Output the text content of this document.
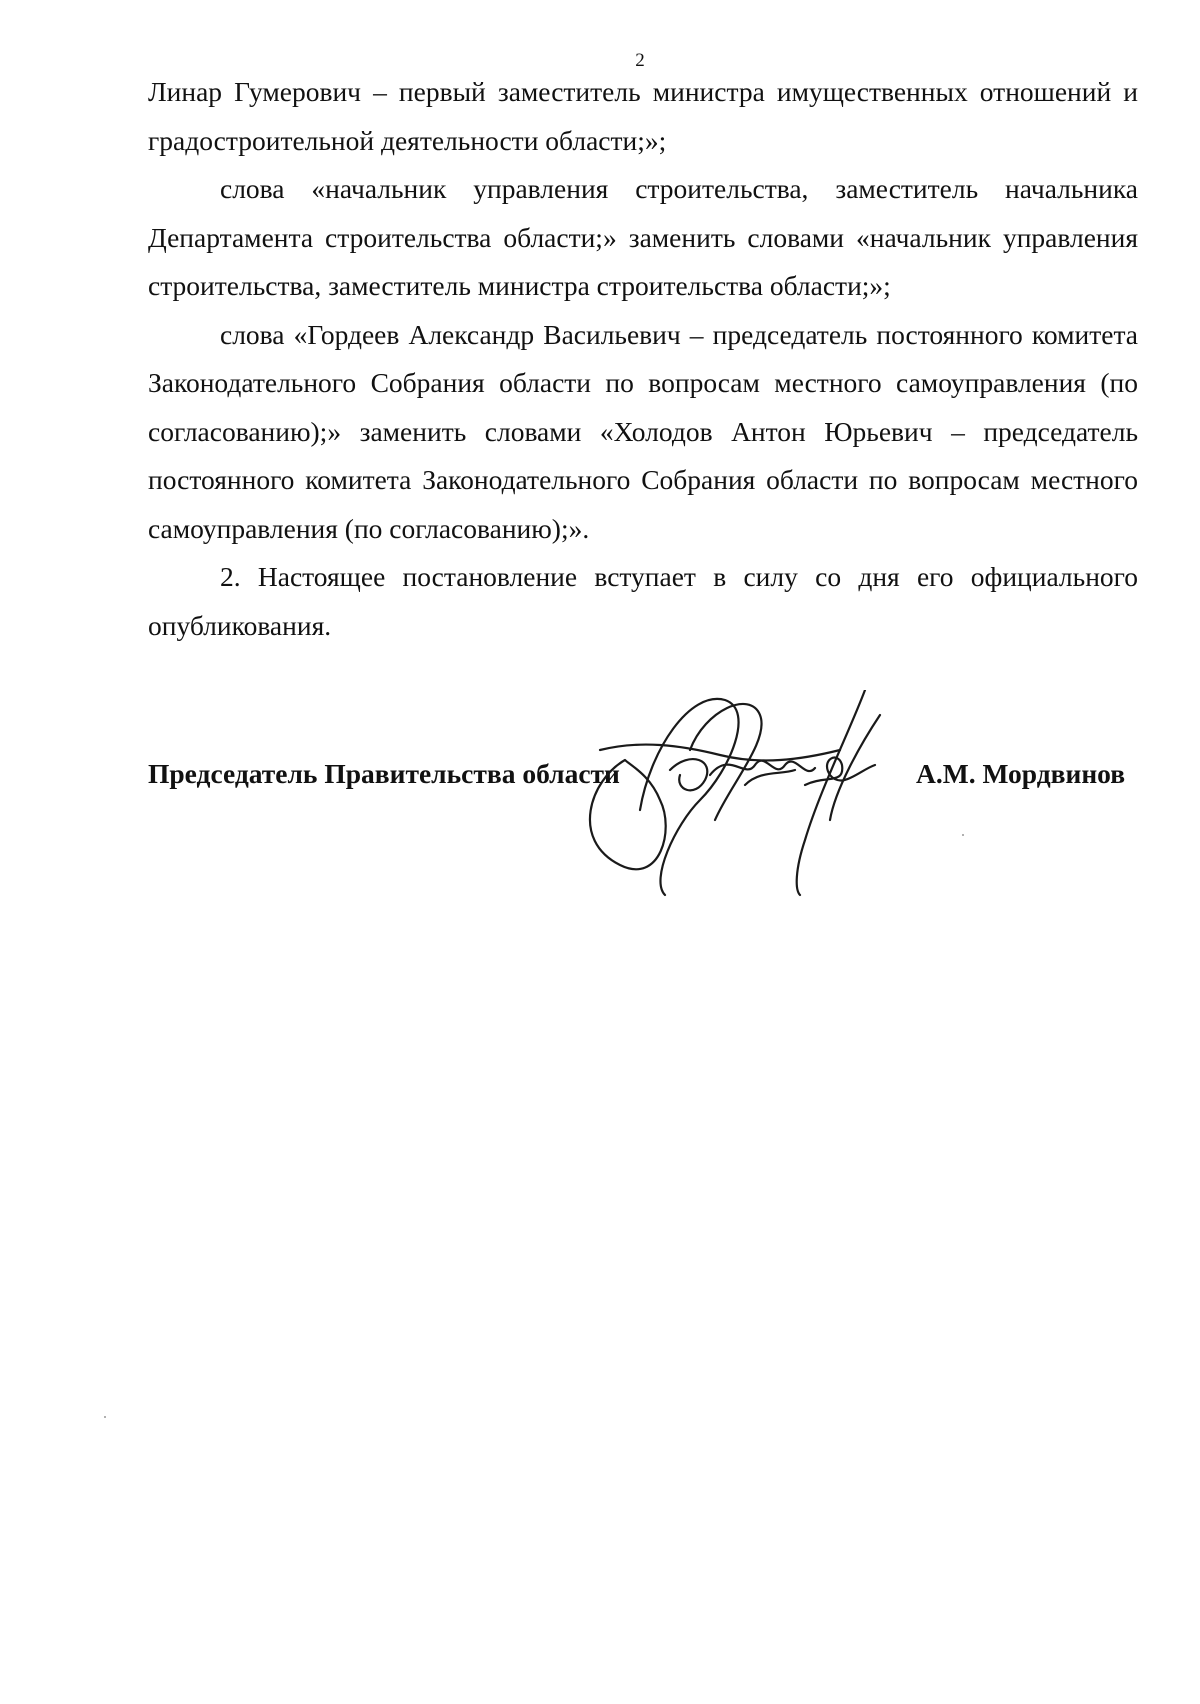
2

Линар Гумерович – первый заместитель министра имущественных отношений и градостроительной деятельности области;»;

слова «начальник управления строительства, заместитель начальника Департамента строительства области;» заменить словами «начальник управления строительства, заместитель министра строительства области;»;

слова «Гордеев Александр Васильевич – председатель постоянного комитета Законодательного Собрания области по вопросам местного самоуправления (по согласованию);» заменить словами «Холодов Антон Юрьевич – председатель постоянного комитета Законодательного Собрания области по вопросам местного самоуправления (по согласованию);».

2. Настоящее постановление вступает в силу со дня его официального опубликования.

Председатель Правительства области	А.М. Мордвинов
